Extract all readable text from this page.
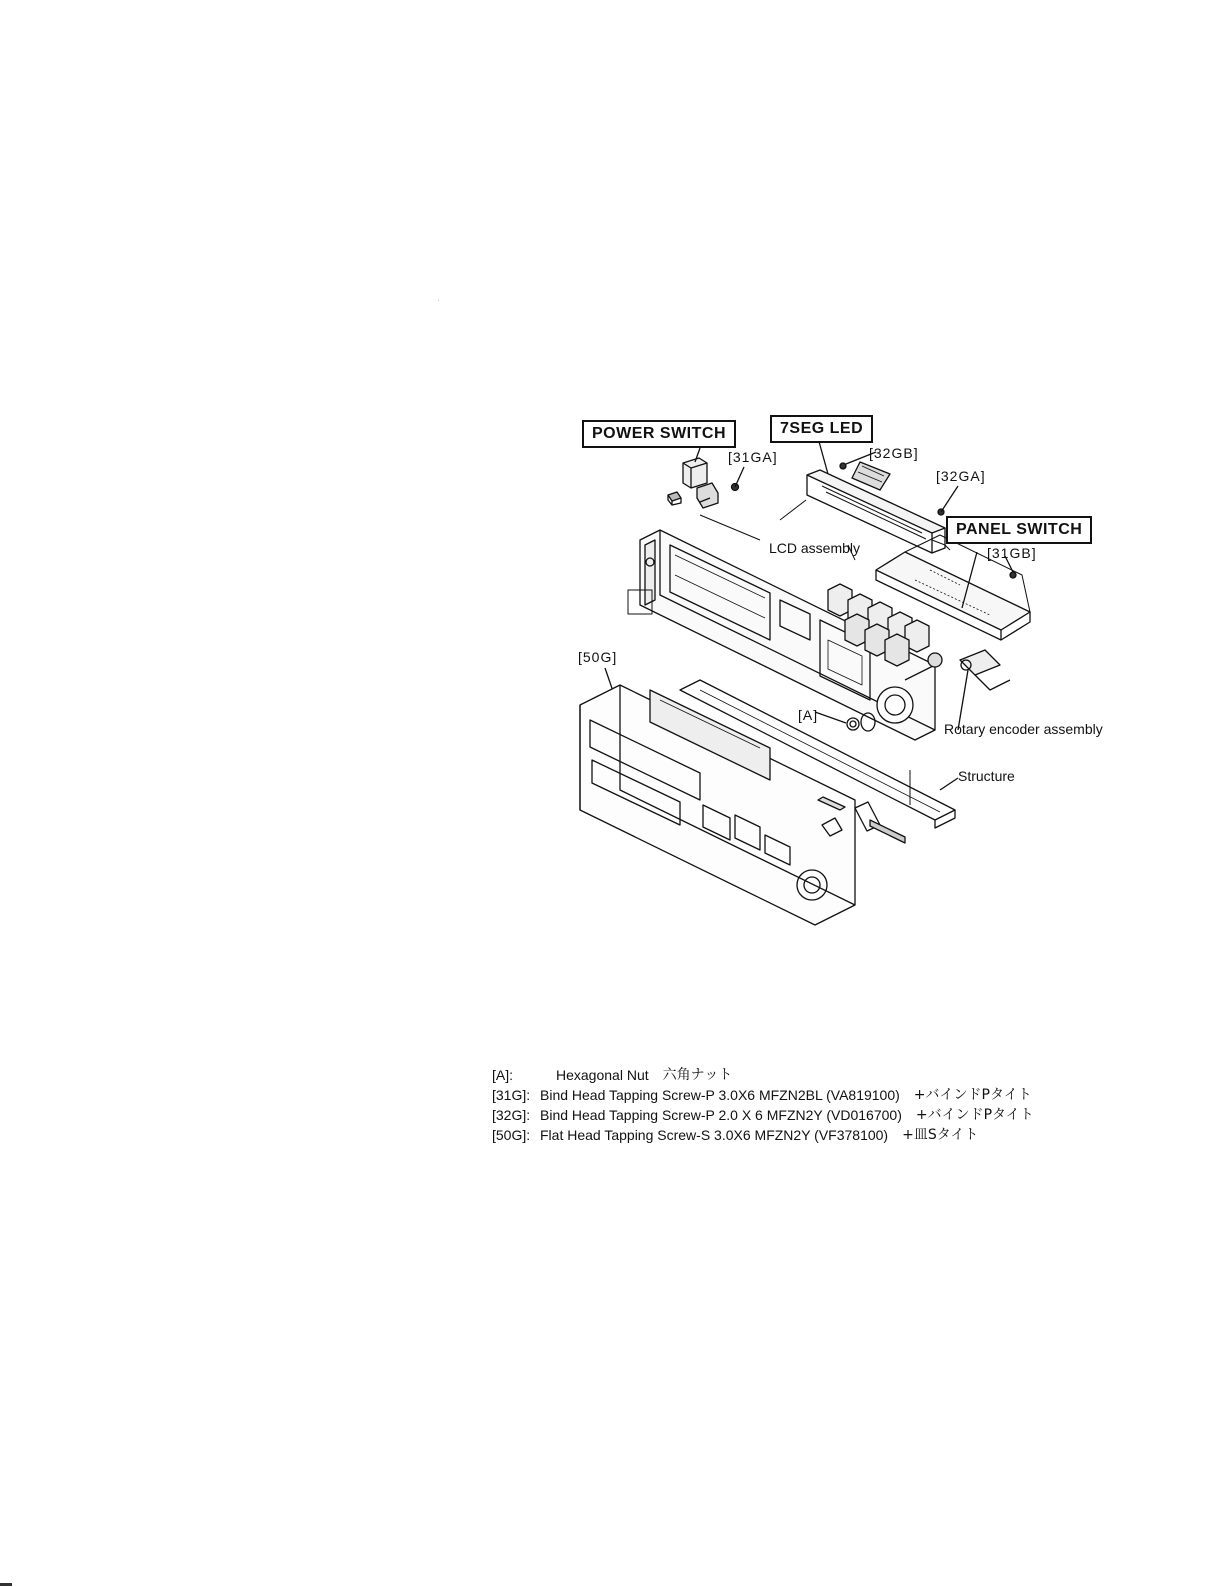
POWER SWITCH	7SEG LED
PANEL SWITCH
[31GA]	[32GB]
[32GA]
[31GB]
[50G]
[A]
LCD assembly
Rotary encoder assembly
Structure
[A]:	Hexagonal Nut 六角ナット
[31G]: Bind Head Tapping Screw-P 3.0X6 MFZN2BL (VA819100) +バインドPタイト
[32G]: Bind Head Tapping Screw-P 2.0 X 6 MFZN2Y (VD016700) +バインドPタイト
[50G]: Flat Head Tapping Screw-S 3.0X6 MFZN2Y (VF378100) +皿Sタイト
